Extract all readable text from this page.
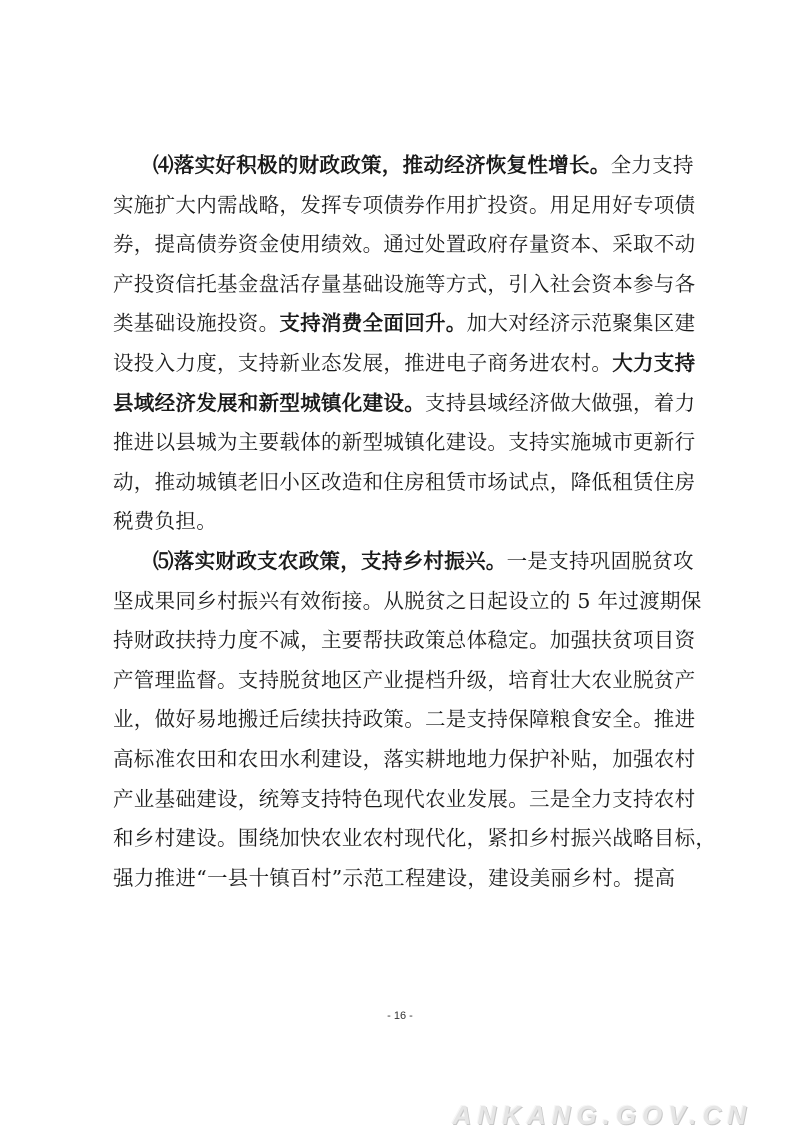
⑷落实好积极的财政政策，推动经济恢复性增长。全力支持
实施扩大内需战略，发挥专项债券作用扩投资。用足用好专项债
券，提高债券资金使用绩效。通过处置政府存量资本、采取不动
产投资信托基金盘活存量基础设施等方式，引入社会资本参与各
类基础设施投资。支持消费全面回升。加大对经济示范聚集区建
设投入力度，支持新业态发展，推进电子商务进农村。大力支持
县域经济发展和新型城镇化建设。支持县域经济做大做强，着力
推进以县城为主要载体的新型城镇化建设。支持实施城市更新行
动，推动城镇老旧小区改造和住房租赁市场试点，降低租赁住房
税费负担。
⑸落实财政支农政策，支持乡村振兴。一是支持巩固脱贫攻
坚成果同乡村振兴有效衔接。从脱贫之日起设立的 5 年过渡期保
持财政扶持力度不减，主要帮扶政策总体稳定。加强扶贫项目资
产管理监督。支持脱贫地区产业提档升级，培育壮大农业脱贫产
业，做好易地搬迁后续扶持政策。二是支持保障粮食安全。推进
高标准农田和农田水利建设，落实耕地地力保护补贴，加强农村
产业基础建设，统筹支持特色现代农业发展。三是全力支持农村
和乡村建设。围绕加快农业农村现代化，紧扣乡村振兴战略目标，
强力推进“一县十镇百村”示范工程建设，建设美丽乡村。提高
- 16 -
ANKANG.GOV.CN
